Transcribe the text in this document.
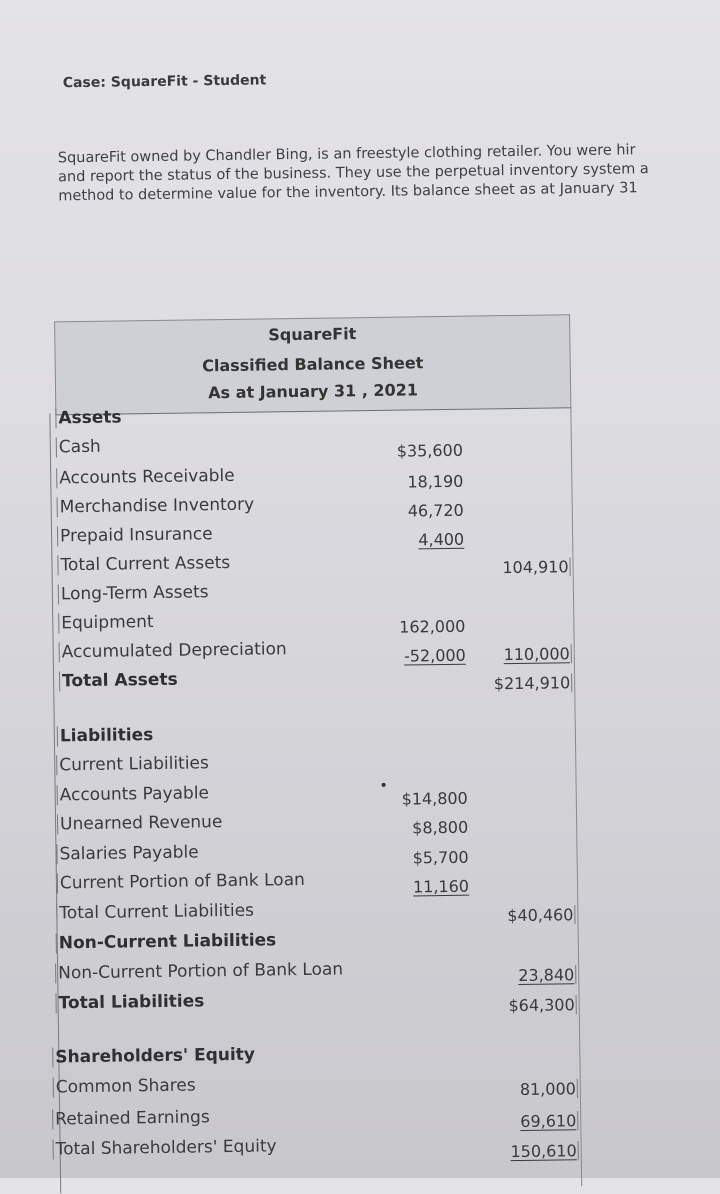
Case: SquareFit - Student
SquareFit owned by Chandler Bing, is an freestyle clothing retailer. You were hir
and report the status of the business. They use the perpetual inventory system a
method to determine value for the inventory. Its balance sheet as at January 31
SquareFit
Classified Balance Sheet
As at January 31 , 2021
Assets
Cash	$35,600
Accounts Receivable	18,190
Merchandise Inventory	46,720
Prepaid Insurance	4,400
Total Current Assets	104,910
Long-Term Assets
Equipment	162,000
Accumulated Depreciation	-52,000 110,000
Total Assets	$214,910
Liabilities
Current Liabilities
Accounts Payable	$14,800
Unearned Revenue	$8,800
Salaries Payable	$5,700
Current Portion of Bank Loan	11,160
Total Current Liabilities	$40,460
Non-Current Liabilities
Non-Current Portion of Bank Loan	23,840
Total Liabilities	$64,300
Shareholders' Equity
Common Shares	81,000
Retained Earnings	69,610
Total Shareholders' Equity	150,610
